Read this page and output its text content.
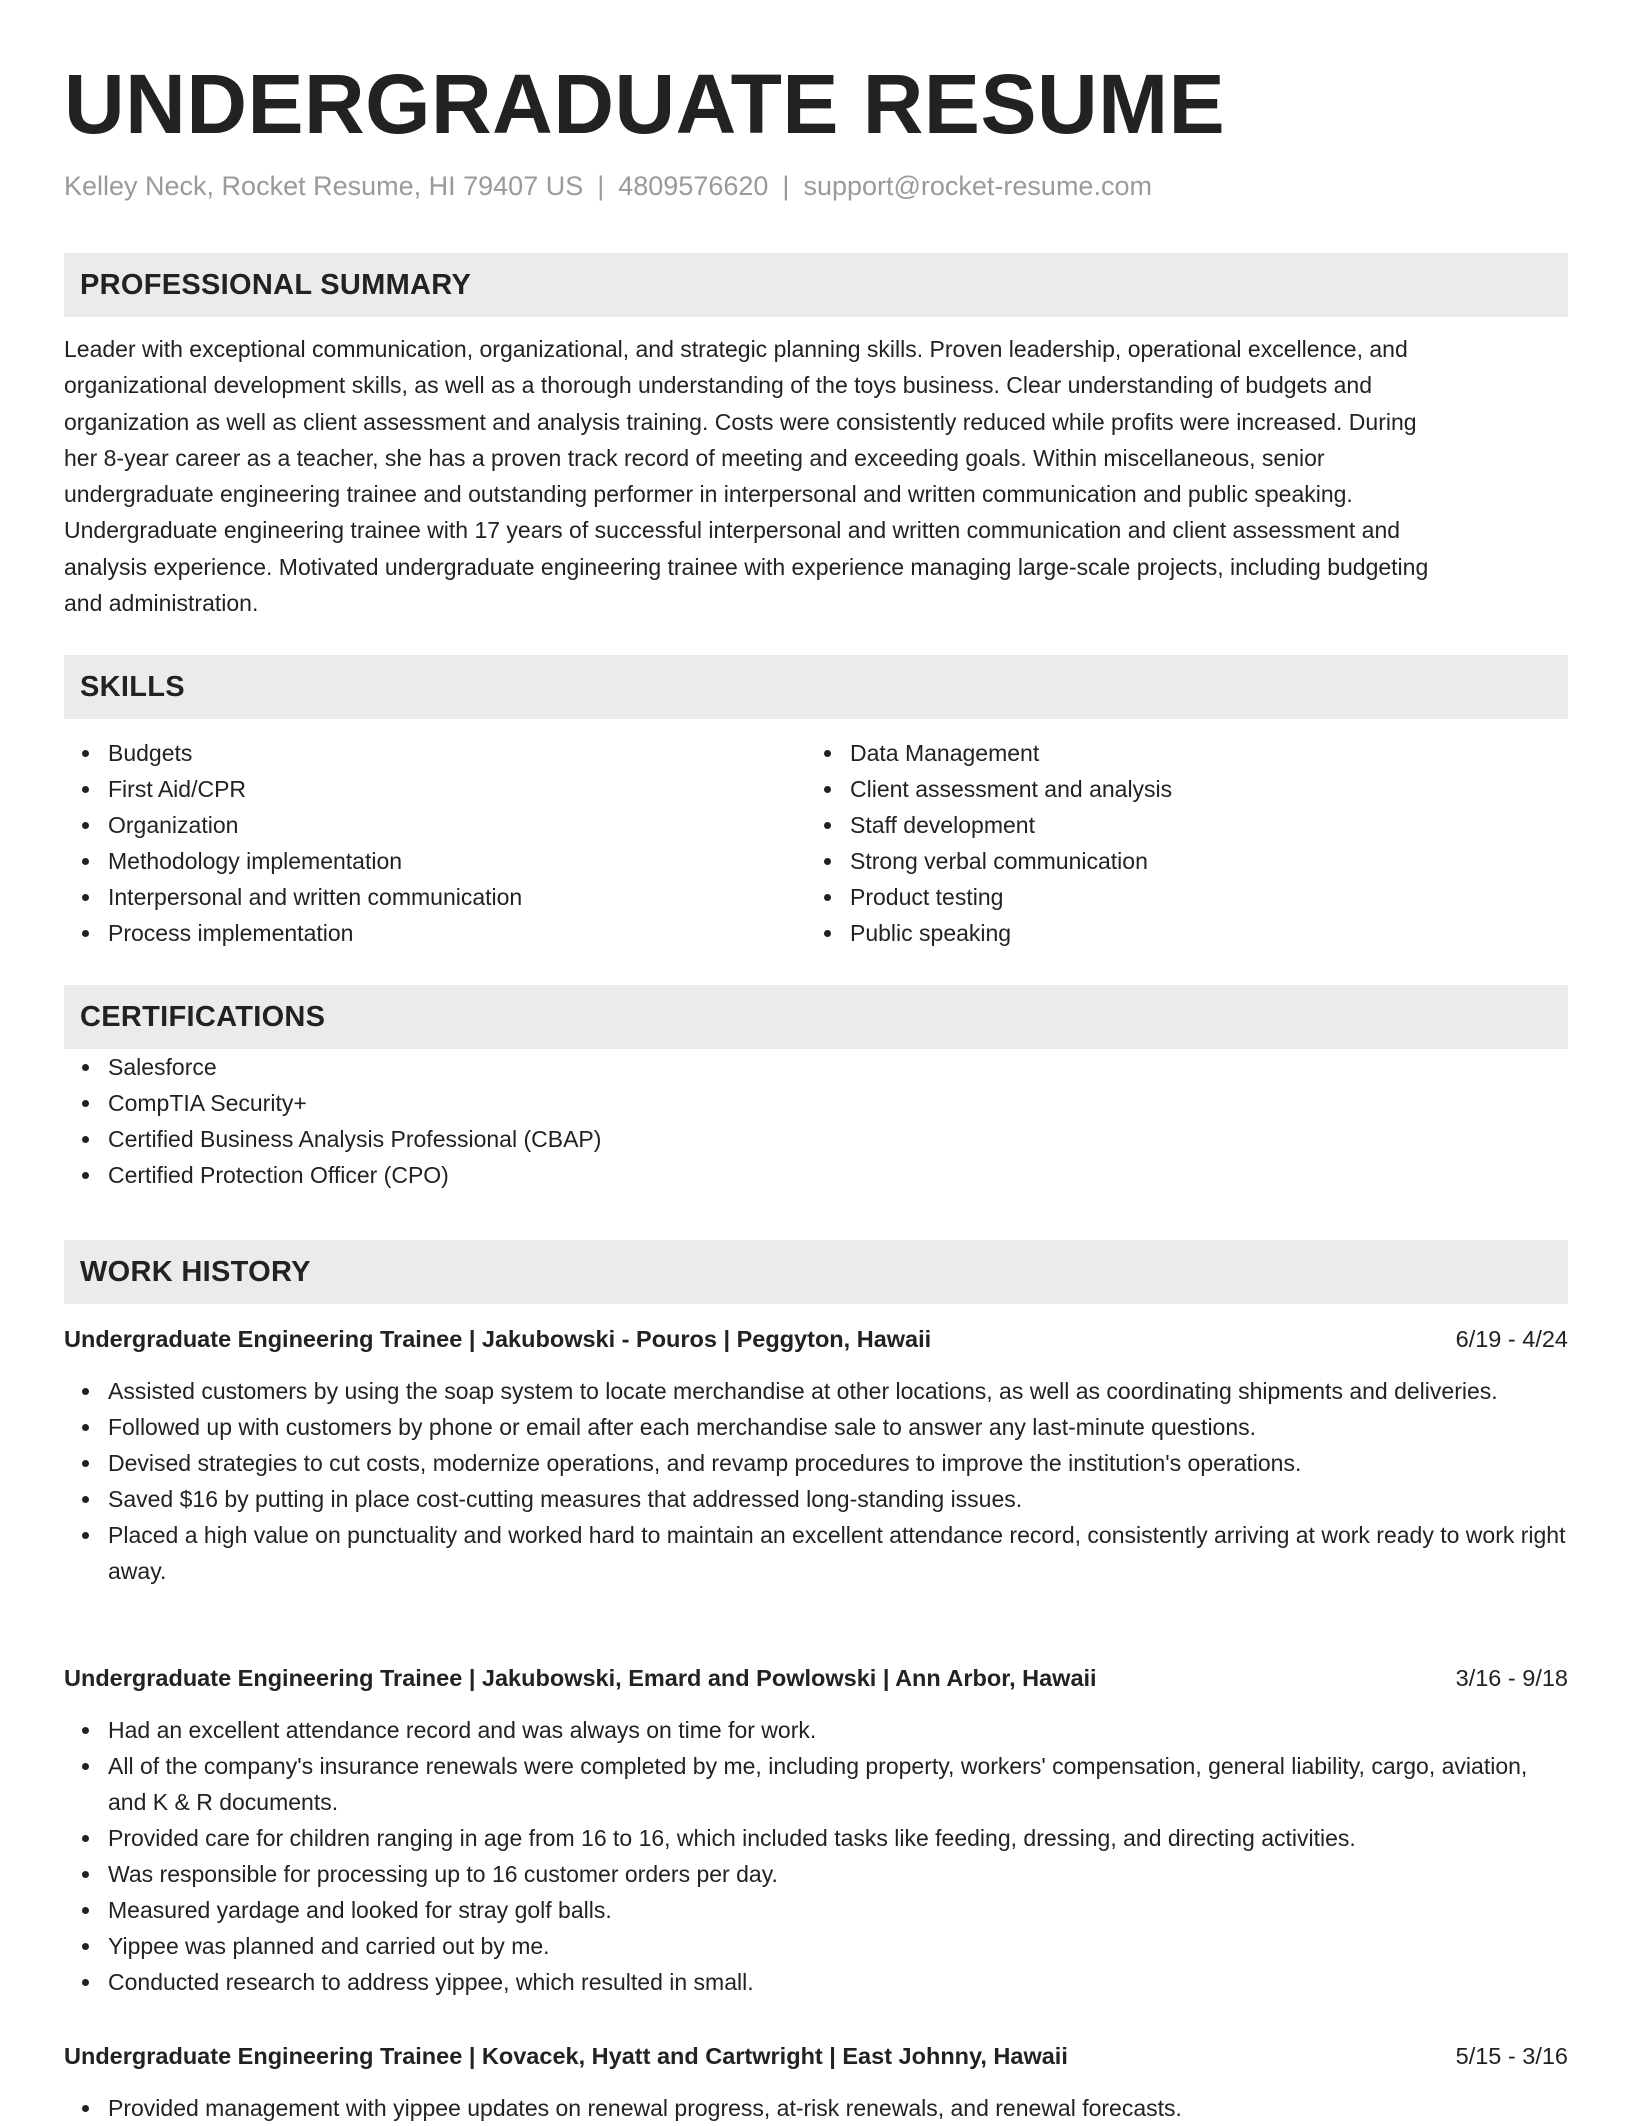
UNDERGRADUATE RESUME
Kelley Neck, Rocket Resume, HI 79407 US | 4809576620 | support@rocket-resume.com
PROFESSIONAL SUMMARY
Leader with exceptional communication, organizational, and strategic planning skills. Proven leadership, operational excellence, and
organizational development skills, as well as a thorough understanding of the toys business. Clear understanding of budgets and
organization as well as client assessment and analysis training. Costs were consistently reduced while profits were increased. During
her 8-year career as a teacher, she has a proven track record of meeting and exceeding goals. Within miscellaneous, senior
undergraduate engineering trainee and outstanding performer in interpersonal and written communication and public speaking.
Undergraduate engineering trainee with 17 years of successful interpersonal and written communication and client assessment and
analysis experience. Motivated undergraduate engineering trainee with experience managing large-scale projects, including budgeting
and administration.
SKILLS
Budgets
First Aid/CPR
Organization
Methodology implementation
Interpersonal and written communication
Process implementation
Data Management
Client assessment and analysis
Staff development
Strong verbal communication
Product testing
Public speaking
CERTIFICATIONS
Salesforce
CompTIA Security+
Certified Business Analysis Professional (CBAP)
Certified Protection Officer (CPO)
WORK HISTORY
Undergraduate Engineering Trainee | Jakubowski - Pouros | Peggyton, Hawaii	6/19 - 4/24
Assisted customers by using the soap system to locate merchandise at other locations, as well as coordinating shipments and deliveries.
Followed up with customers by phone or email after each merchandise sale to answer any last-minute questions.
Devised strategies to cut costs, modernize operations, and revamp procedures to improve the institution's operations.
Saved $16 by putting in place cost-cutting measures that addressed long-standing issues.
Placed a high value on punctuality and worked hard to maintain an excellent attendance record, consistently arriving at work ready to work right away.
Undergraduate Engineering Trainee | Jakubowski, Emard and Powlowski | Ann Arbor, Hawaii	3/16 - 9/18
Had an excellent attendance record and was always on time for work.
All of the company's insurance renewals were completed by me, including property, workers' compensation, general liability, cargo, aviation, and K & R documents.
Provided care for children ranging in age from 16 to 16, which included tasks like feeding, dressing, and directing activities.
Was responsible for processing up to 16 customer orders per day.
Measured yardage and looked for stray golf balls.
Yippee was planned and carried out by me.
Conducted research to address yippee, which resulted in small.
Undergraduate Engineering Trainee | Kovacek, Hyatt and Cartwright | East Johnny, Hawaii	5/15 - 3/16
Provided management with yippee updates on renewal progress, at-risk renewals, and renewal forecasts.
